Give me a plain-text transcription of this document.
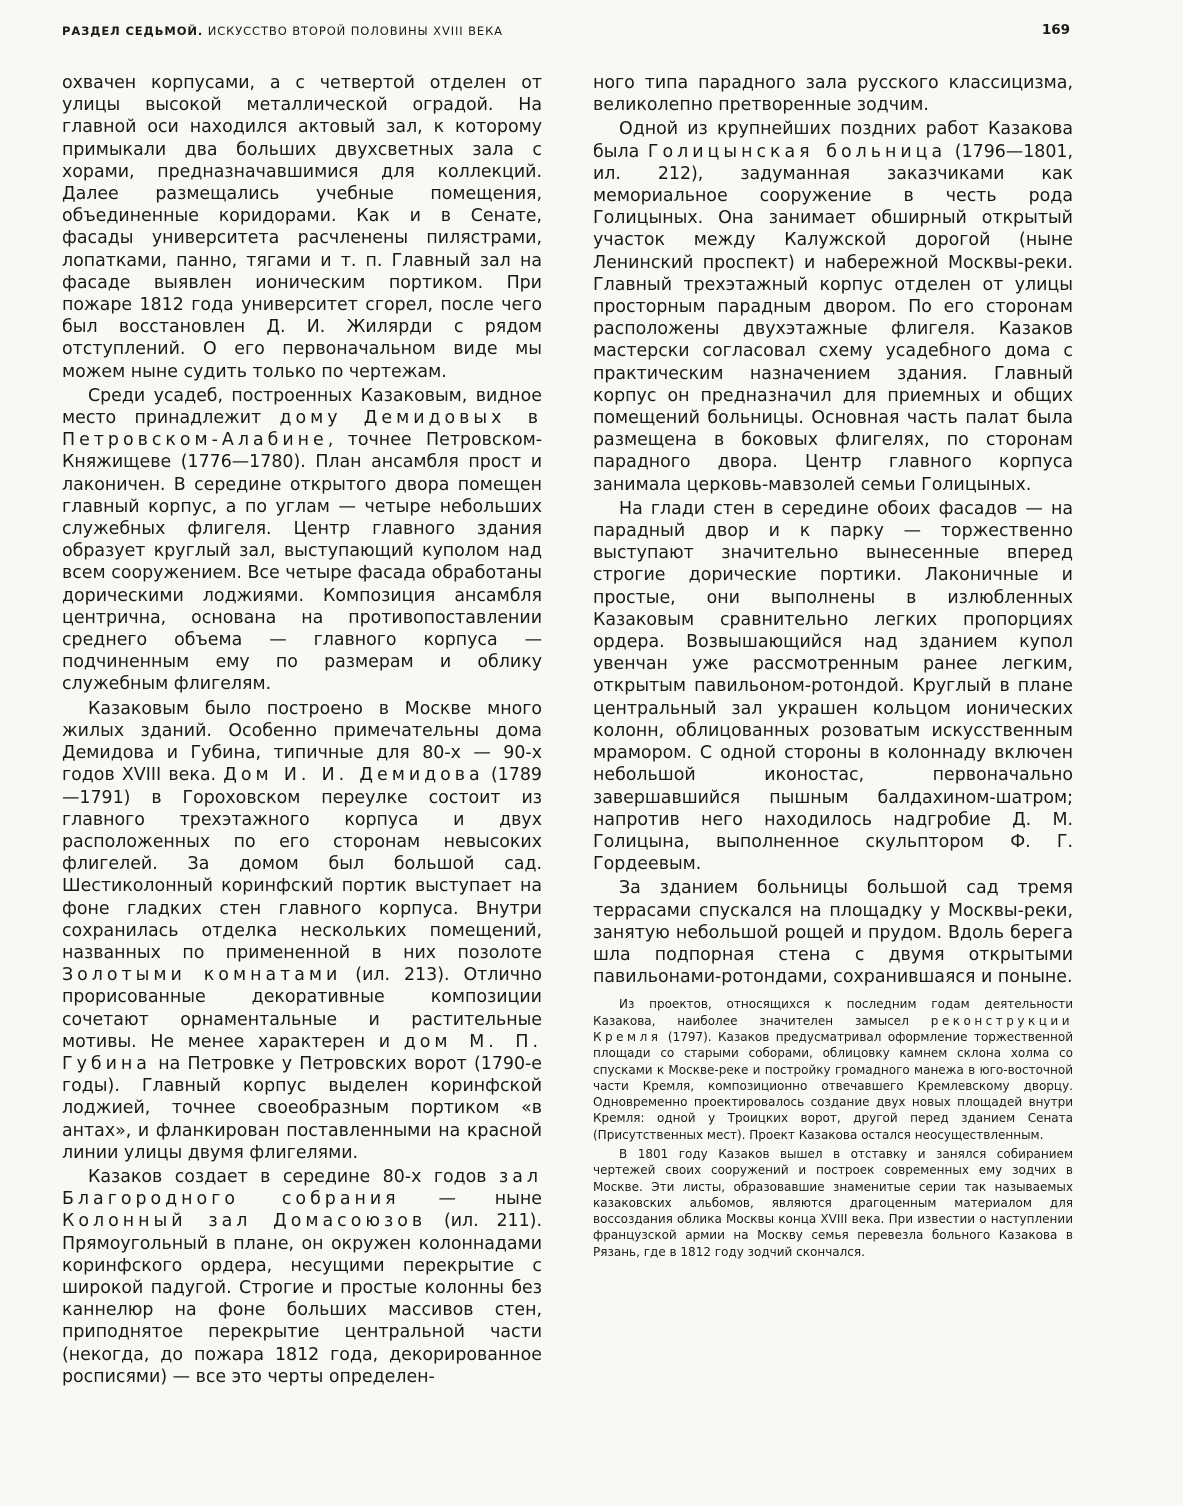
РАЗДЕЛ СЕДЬМОЙ. ИСКУССТВО ВТОРОЙ ПОЛОВИНЫ XVIII ВЕКА	169

охвачен корпусами, а с четвертой отделен от улицы высокой металлической оградой. На главной оси находился актовый зал, к которому примыкали два больших двухсветных зала с хорами, предназначавшимися для коллекций. Далее размещались учебные помещения, объединенные коридорами. Как и в Сенате, фасады университета расчленены пилястрами, лопатками, панно, тягами и т. п. Главный зал на фасаде выявлен ионическим портиком. При пожаре 1812 года университет сгорел, после чего был восстановлен Д. И. Жилярди с рядом отступлений. О его первоначальном виде мы можем ныне судить только по чертежам.

Среди усадеб, построенных Казаковым, видное место принадлежит дому Демидовых в Петровском-Алабине, точнее Петровском-Княжищеве (1776—1780). План ансамбля прост и лаконичен. В середине открытого двора помещен главный корпус, а по углам — четыре небольших служебных флигеля. Центр главного здания образует круглый зал, выступающий куполом над всем сооружением. Все четыре фасада обработаны дорическими лоджиями. Композиция ансамбля центрична, основана на противопоставлении среднего объема — главного корпуса — подчиненным ему по размерам и облику служебным флигелям.

Казаковым было построено в Москве много жилых зданий. Особенно примечательны дома Демидова и Губина, типичные для 80-х — 90-х годов XVIII века. Дом И. И. Демидова (1789—1791) в Гороховском переулке состоит из главного трехэтажного корпуса и двух расположенных по его сторонам невысоких флигелей. За домом был большой сад. Шестиколонный коринфский портик выступает на фоне гладких стен главного корпуса. Внутри сохранилась отделка нескольких помещений, названных по примененной в них позолоте Золотыми комнатами (ил. 213). Отлично прорисованные декоративные композиции сочетают орнаментальные и растительные мотивы. Не менее характерен и дом М. П. Губина на Петровке у Петровских ворот (1790-е годы). Главный корпус выделен коринфской лоджией, точнее своеобразным портиком «в антах», и фланкирован поставленными на красной линии улицы двумя флигелями.

Казаков создает в середине 80-х годов зал Благородного собрания — ныне Колонный зал Домасоюзов (ил. 211). Прямоугольный в плане, он окружен колоннадами коринфского ордера, несущими перекрытие с широкой падугой. Строгие и простые колонны без каннелюр на фоне больших массивов стен, приподнятое перекрытие центральной части (некогда, до пожара 1812 года, декорированное росписями) — все это черты определен-

ного типа парадного зала русского классицизма, великолепно претворенные зодчим.

Одной из крупнейших поздних работ Казакова была Голицынская больница (1796—1801, ил. 212), задуманная заказчиками как мемориальное сооружение в честь рода Голицыных. Она занимает обширный открытый участок между Калужской дорогой (ныне Ленинский проспект) и набережной Москвы-реки. Главный трехэтажный корпус отделен от улицы просторным парадным двором. По его сторонам расположены двухэтажные флигеля. Казаков мастерски согласовал схему усадебного дома с практическим назначением здания. Главный корпус он предназначил для приемных и общих помещений больницы. Основная часть палат была размещена в боковых флигелях, по сторонам парадного двора. Центр главного корпуса занимала церковь-мавзолей семьи Голицыных.

На глади стен в середине обоих фасадов — на парадный двор и к парку — торжественно выступают значительно вынесенные вперед строгие дорические портики. Лаконичные и простые, они выполнены в излюбленных Казаковым сравнительно легких пропорциях ордера. Возвышающийся над зданием купол увенчан уже рассмотренным ранее легким, открытым павильоном-ротондой. Круглый в плане центральный зал украшен кольцом ионических колонн, облицованных розоватым искусственным мрамором. С одной стороны в колоннаду включен небольшой иконостас, первоначально завершавшийся пышным балдахином-шатром; напротив него находилось надгробие Д. М. Голицына, выполненное скульптором Ф. Г. Гордеевым.

За зданием больницы большой сад тремя террасами спускался на площадку у Москвы-реки, занятую небольшой рощей и прудом. Вдоль берега шла подпорная стена с двумя открытыми павильонами-ротондами, сохранившаяся и поныне.

Из проектов, относящихся к последним годам деятельности Казакова, наиболее значителен замысел реконструкции Кремля (1797). Казаков предусматривал оформление торжественной площади со старыми соборами, облицовку камнем склона холма со спусками к Москве-реке и постройку громадного манежа в юго-восточной части Кремля, композиционно отвечавшего Кремлевскому дворцу. Одновременно проектировалось создание двух новых площадей внутри Кремля: одной у Троицких ворот, другой перед зданием Сената (Присутственных мест). Проект Казакова остался неосуществленным.

В 1801 году Казаков вышел в отставку и занялся собиранием чертежей своих сооружений и построек современных ему зодчих в Москве. Эти листы, образовавшие знаменитые серии так называемых казаковских альбомов, являются драгоценным материалом для воссоздания облика Москвы конца XVIII века. При известии о наступлении французской армии на Москву семья перевезла больного Казакова в Рязань, где в 1812 году зодчий скончался.
